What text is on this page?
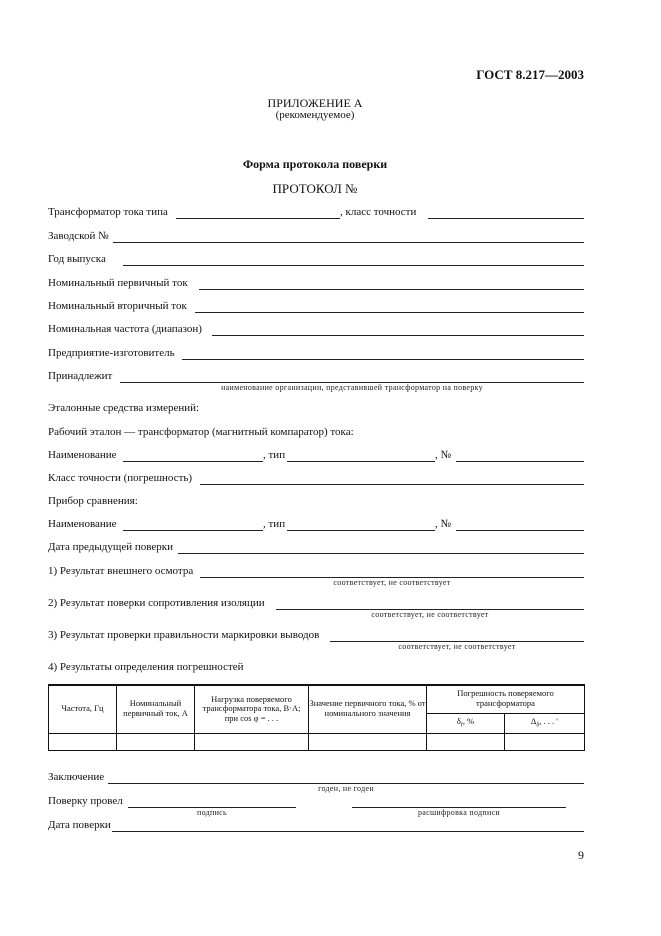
ГОСТ 8.217—2003
ПРИЛОЖЕНИЕ А
(рекомендуемое)
Форма протокола поверки
ПРОТОКОЛ №
Трансформатор тока типа	, класс точности
Заводской №
Год выпуска
Номинальный первичный ток
Номинальный вторичный ток
Номинальная частота (диапазон)
Предприятие-изготовитель
Принадлежит
наименование организации, представившей трансформатор на поверку
Эталонные средства измерений:
Рабочий эталон — трансформатор (магнитный компаратор) тока:
Наименование	, тип	, №
Класс точности (погрешность)
Прибор сравнения:
Наименование	, тип	, №
Дата предыдущей поверки
1) Результат внешнего осмотра
соответствует, не соответствует
2) Результат поверки сопротивления изоляции
соответствует, не соответствует
3) Результат проверки правильности маркировки выводов
соответствует, не соответствует
4) Результаты определения погрешностей
Частота, Гц	Номинальный первичный ток, А	Нагрузка поверяемого трансформатора тока, В·А; при cos φ = . . .	Значение первичного тока, % от номинального значения	Погрешность поверяемого трансформатора	
				$\delta_f$, %	$\Delta_\delta$, . . . ′

Заключение
годен, не годен
Поверку провел
подпись	расшифровка подписи
Дата поверки
9
